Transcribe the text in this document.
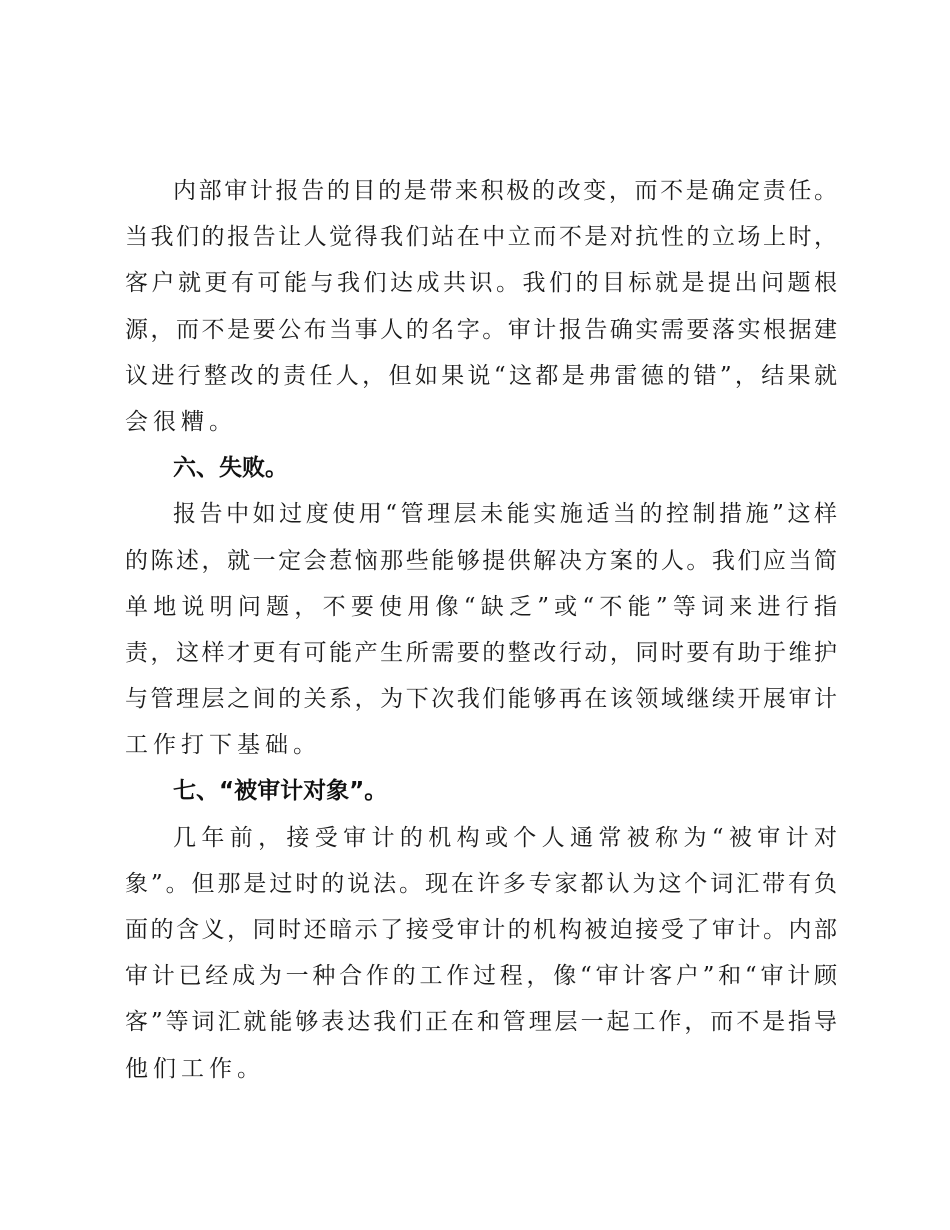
内部审计报告的目的是带来积极的改变，而不是确定责任。
当我们的报告让人觉得我们站在中立而不是对抗性的立场上时，
客户就更有可能与我们达成共识。我们的目标就是提出问题根
源，而不是要公布当事人的名字。审计报告确实需要落实根据建
议进行整改的责任人，但如果说“这都是弗雷德的错”，结果就
会很糟。
六、失败。
报告中如过度使用“管理层未能实施适当的控制措施”这样
的陈述，就一定会惹恼那些能够提供解决方案的人。我们应当简
单地说明问题，不要使用像“缺乏”或“不能”等词来进行指
责，这样才更有可能产生所需要的整改行动，同时要有助于维护
与管理层之间的关系，为下次我们能够再在该领域继续开展审计
工作打下基础。
七、“被审计对象”。
几年前，接受审计的机构或个人通常被称为“被审计对
象”。但那是过时的说法。现在许多专家都认为这个词汇带有负
面的含义，同时还暗示了接受审计的机构被迫接受了审计。内部
审计已经成为一种合作的工作过程，像“审计客户”和“审计顾
客”等词汇就能够表达我们正在和管理层一起工作，而不是指导
他们工作。
